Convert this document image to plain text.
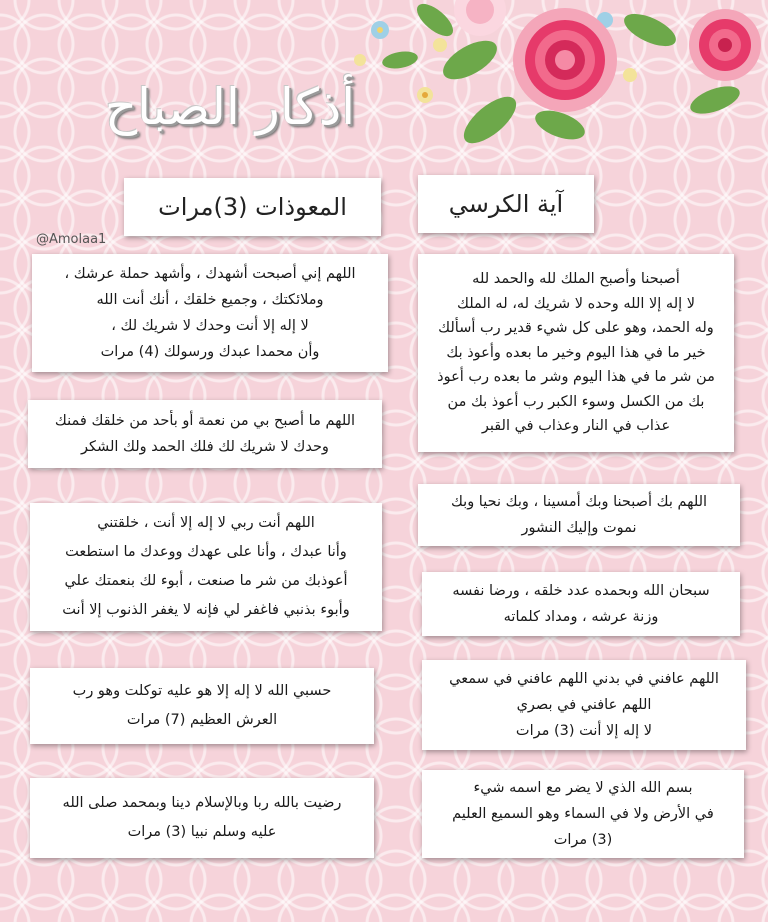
أذكار الصباح
آية الكرسي
المعوذات (3)مرات
@Amolaa1

أصبحنا وأصبح الملك لله والحمد لله

لا إله إلا الله وحده لا شريك له، له الملك

وله الحمد، وهو على كل شيء قدير رب أسألك

خير ما في هذا اليوم وخير ما بعده وأعوذ بك

من شر ما في هذا اليوم وشر ما بعده رب أعوذ

بك من الكسل وسوء الكبر رب أعوذ بك من

عذاب في النار وعذاب في القبر

اللهم بك أصبحنا وبك أمسينا ، وبك نحيا وبك

نموت وإليك النشور

سبحان الله وبحمده عدد خلقه ، ورضا نفسه

وزنة عرشه ، ومداد كلماته

اللهم عافني في بدني اللهم عافني في سمعي

اللهم عافني في بصري

لا إله إلا أنت (3) مرات

بسم الله الذي لا يضر مع اسمه شيء

في الأرض ولا في السماء وهو السميع العليم

(3) مرات

اللهم إني أصبحت أشهدك ، وأشهد حملة عرشك ،

وملائكتك ، وجميع خلقك ، أنك أنت الله

لا إله إلا أنت وحدك لا شريك لك ،

وأن محمدا عبدك ورسولك (4) مرات

اللهم ما أصبح بي من نعمة أو بأحد من خلقك فمنك

وحدك لا شريك لك فلك الحمد ولك الشكر

اللهم أنت ربي لا إله إلا أنت ، خلقتني

وأنا عبدك ، وأنا على عهدك ووعدك ما استطعت

أعوذبك من شر ما صنعت ، أبوء لك بنعمتك علي

وأبوء بذنبي فاغفر لي فإنه لا يغفر الذنوب إلا أنت

حسبي الله لا إله إلا هو عليه توكلت وهو رب

العرش العظيم (7) مرات

رضيت بالله ربا وبالإسلام دينا وبمحمد صلى الله

عليه وسلم نبيا (3) مرات
